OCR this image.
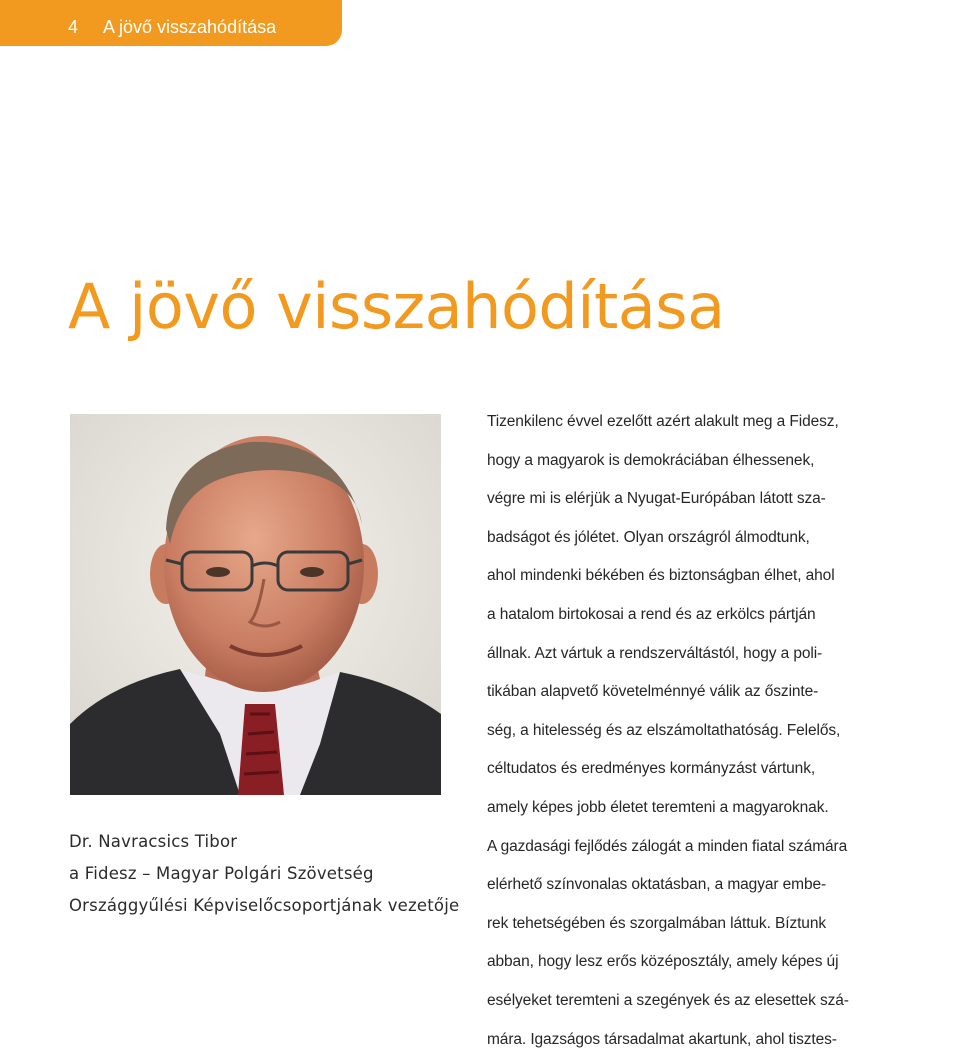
4 A jövő visszahódítása
A jövő visszahódítása
Dr. Navracsics Tibor
a Fidesz – Magyar Polgári Szövetség
Országgyűlési Képviselőcsoportjának vezetője
Tizenkilenc évvel ezelőtt azért alakult meg a Fidesz,
hogy a magyarok is demokráciában élhessenek,
végre mi is elérjük a Nyugat-Európában látott sza-
badságot és jólétet. Olyan országról álmodtunk,
ahol mindenki békében és biztonságban élhet, ahol
a hatalom birtokosai a rend és az erkölcs pártján
állnak. Azt vártuk a rendszerváltástól, hogy a poli-
tikában alapvető követelménnyé válik az őszinte-
ség, a hitelesség és az elszámoltathatóság. Felelős,
céltudatos és eredményes kormányzást vártunk,
amely képes jobb életet teremteni a magyaroknak.
A gazdasági fejlődés zálogát a minden fiatal számára
elérhető színvonalas oktatásban, a magyar embe-
rek tehetségében és szorgalmában láttuk. Bíztunk
abban, hogy lesz erős középosztály, amely képes új
esélyeket teremteni a szegények és az elesettek szá-
mára. Igazságos társadalmat akartunk, ahol tisztes-
